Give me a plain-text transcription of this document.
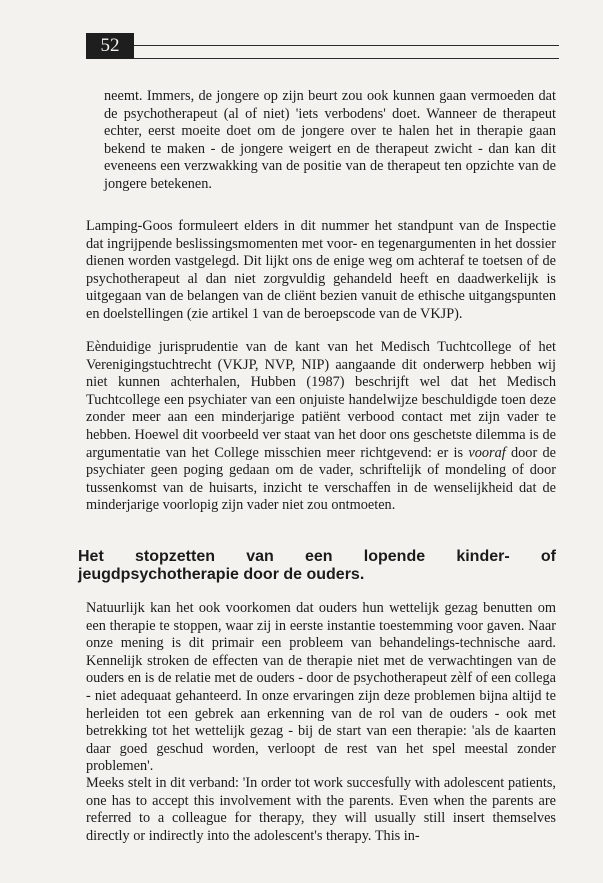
52

neemt. Immers, de jongere op zijn beurt zou ook kunnen gaan vermoeden dat de psychotherapeut (al of niet) 'iets verbodens' doet. Wanneer de therapeut echter, eerst moeite doet om de jongere over te halen het in therapie gaan bekend te maken - de jongere weigert en de therapeut zwicht - dan kan dit eveneens een verzwakking van de positie van de therapeut ten opzichte van de jongere betekenen.

Lamping-Goos formuleert elders in dit nummer het standpunt van de Inspectie dat ingrijpende beslissingsmomenten met voor- en tegenargumenten in het dossier dienen worden vastgelegd. Dit lijkt ons de enige weg om achteraf te toetsen of de psychotherapeut al dan niet zorgvuldig gehandeld heeft en daadwerkelijk is uitgegaan van de belangen van de cliënt bezien vanuit de ethische uitgangspunten en doelstellingen (zie artikel 1 van de beroepscode van de VKJP).

Eènduidige jurisprudentie van de kant van het Medisch Tuchtcollege of het Verenigingstuchtrecht (VKJP, NVP, NIP) aangaande dit onderwerp hebben wij niet kunnen achterhalen, Hubben (1987) beschrijft wel dat het Medisch Tuchtcollege een psychiater van een onjuiste handelwijze beschuldigde toen deze zonder meer aan een minderjarige patiënt verbood contact met zijn vader te hebben. Hoewel dit voorbeeld ver staat van het door ons geschetste dilemma is de argumentatie van het College misschien meer richtgevend: er is vooraf door de psychiater geen poging gedaan om de vader, schriftelijk of mondeling of door tussenkomst van de huisarts, inzicht te verschaffen in de wenselijkheid dat de minderjarige voorlopig zijn vader niet zou ontmoeten.

Het stopzetten van een lopende kinder- of jeugdpsychotherapie door de ouders.

Natuurlijk kan het ook voorkomen dat ouders hun wettelijk gezag benutten om een therapie te stoppen, waar zij in eerste instantie toestemming voor gaven. Naar onze mening is dit primair een probleem van behandelings-technische aard. Kennelijk stroken de effecten van de therapie niet met de verwachtingen van de ouders en is de relatie met de ouders - door de psychotherapeut zèlf of een collega - niet adequaat gehanteerd. In onze ervaringen zijn deze problemen bijna altijd te herleiden tot een gebrek aan erkenning van de rol van de ouders - ook met betrekking tot het wettelijk gezag - bij de start van een therapie: 'als de kaarten daar goed geschud worden, verloopt de rest van het spel meestal zonder problemen'.

Meeks stelt in dit verband: 'In order tot work succesfully with adolescent patients, one has to accept this involvement with the parents. Even when the parents are referred to a colleague for therapy, they will usually still insert themselves directly or indirectly into the adolescent's therapy. This in-
